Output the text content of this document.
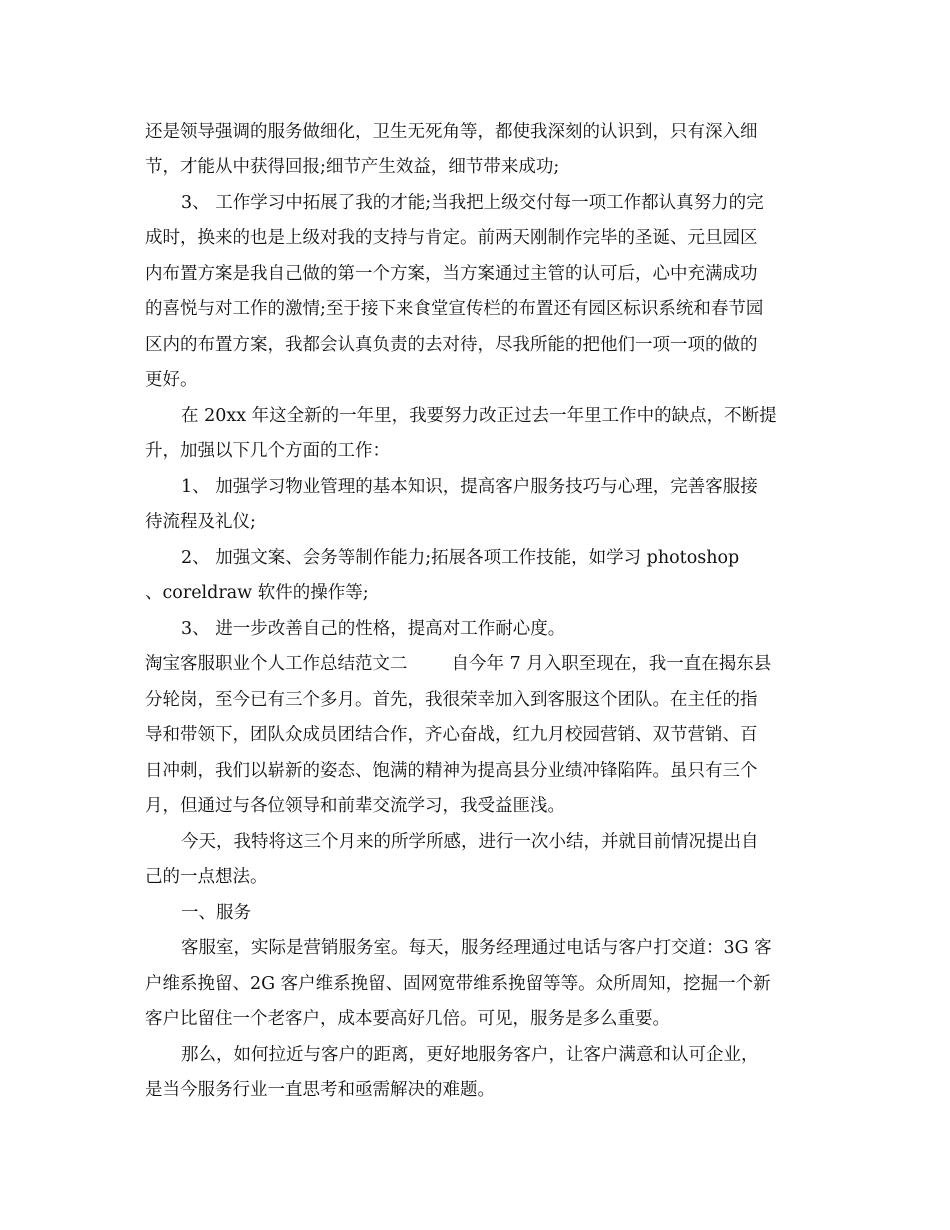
还是领导强调的服务做细化，卫生无死角等，都使我深刻的认识到，只有深入细
节，才能从中获得回报;细节产生效益，细节带来成功;
3、 工作学习中拓展了我的才能;当我把上级交付每一项工作都认真努力的完
成时，换来的也是上级对我的支持与肯定。前两天刚制作完毕的圣诞、元旦园区
内布置方案是我自己做的第一个方案，当方案通过主管的认可后，心中充满成功
的喜悦与对工作的激情;至于接下来食堂宣传栏的布置还有园区标识系统和春节园
区内的布置方案，我都会认真负责的去对待，尽我所能的把他们一项一项的做的
更好。
在 20xx 年这全新的一年里，我要努力改正过去一年里工作中的缺点，不断提
升，加强以下几个方面的工作：
1、 加强学习物业管理的基本知识，提高客户服务技巧与心理，完善客服接
待流程及礼仪;
2、 加强文案、会务等制作能力;拓展各项工作技能，如学习 photoshop
、coreldraw 软件的操作等;
3、 进一步改善自己的性格，提高对工作耐心度。
淘宝客服职业个人工作总结范文二	自今年 7 月入职至现在，我一直在揭东县
分轮岗，至今已有三个多月。首先，我很荣幸加入到客服这个团队。在主任的指
导和带领下，团队众成员团结合作，齐心奋战，红九月校园营销、双节营销、百
日冲刺，我们以崭新的姿态、饱满的精神为提高县分业绩冲锋陷阵。虽只有三个
月，但通过与各位领导和前辈交流学习，我受益匪浅。
今天，我特将这三个月来的所学所感，进行一次小结，并就目前情况提出自
己的一点想法。
一、服务
客服室，实际是营销服务室。每天，服务经理通过电话与客户打交道：3G 客
户维系挽留、2G 客户维系挽留、固网宽带维系挽留等等。众所周知，挖掘一个新
客户比留住一个老客户，成本要高好几倍。可见，服务是多么重要。
那么，如何拉近与客户的距离，更好地服务客户，让客户满意和认可企业，
是当今服务行业一直思考和亟需解决的难题。
